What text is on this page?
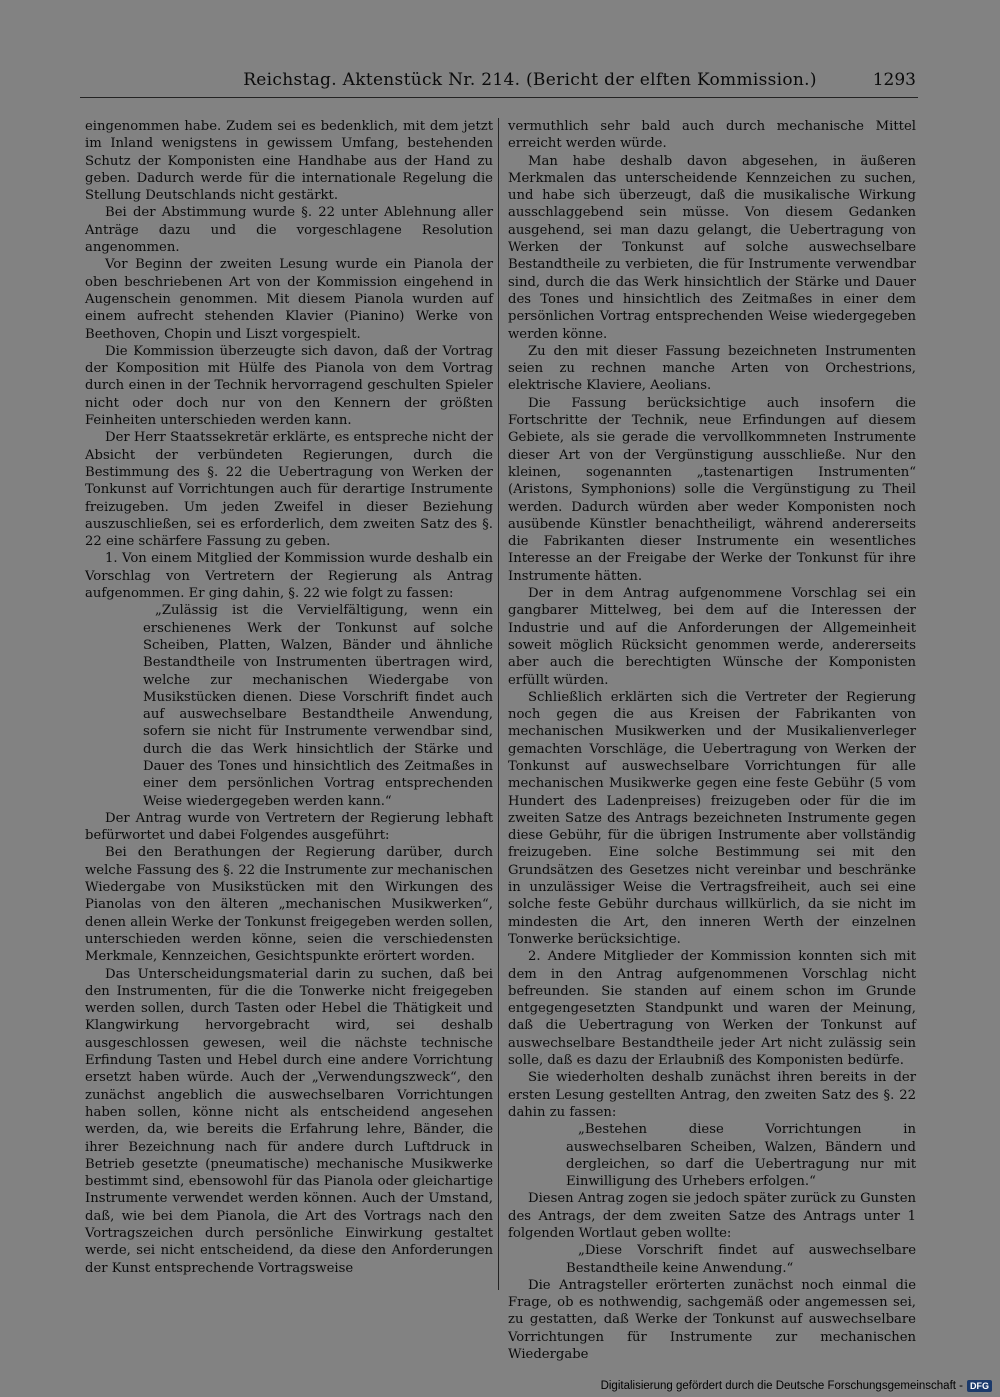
Reichstag. Aktenstück Nr. 214. (Bericht der elften Kommission.)	1293

eingenommen habe. Zudem sei es bedenklich, mit dem jetzt im Inland wenigstens in gewissem Umfang, bestehenden Schutz der Komponisten eine Handhabe aus der Hand zu geben. Dadurch werde für die internationale Regelung die Stellung Deutschlands nicht gestärkt.

Bei der Abstimmung wurde §. 22 unter Ablehnung aller Anträge dazu und die vorgeschlagene Resolution angenommen.

Vor Beginn der zweiten Lesung wurde ein Pianola der oben beschriebenen Art von der Kommission eingehend in Augenschein genommen. Mit diesem Pianola wurden auf einem aufrecht stehenden Klavier (Pianino) Werke von Beethoven, Chopin und Liszt vorgespielt.

Die Kommission überzeugte sich davon, daß der Vortrag der Komposition mit Hülfe des Pianola von dem Vortrag durch einen in der Technik hervorragend geschulten Spieler nicht oder doch nur von den Kennern der größten Feinheiten unterschieden werden kann.

Der Herr Staatssekretär erklärte, es entspreche nicht der Absicht der verbündeten Regierungen, durch die Bestimmung des §. 22 die Uebertragung von Werken der Tonkunst auf Vorrichtungen auch für derartige Instrumente freizugeben. Um jeden Zweifel in dieser Beziehung auszuschließen, sei es erforderlich, dem zweiten Satz des §. 22 eine schärfere Fassung zu geben.

1. Von einem Mitglied der Kommission wurde deshalb ein Vorschlag von Vertretern der Regierung als Antrag aufgenommen. Er ging dahin, §. 22 wie folgt zu fassen:

„Zulässig ist die Vervielfältigung, wenn ein erschienenes Werk der Tonkunst auf solche Scheiben, Platten, Walzen, Bänder und ähnliche Bestandtheile von Instrumenten übertragen wird, welche zur mechanischen Wiedergabe von Musikstücken dienen. Diese Vorschrift findet auch auf auswechselbare Bestandtheile Anwendung, sofern sie nicht für Instrumente verwendbar sind, durch die das Werk hinsichtlich der Stärke und Dauer des Tones und hinsichtlich des Zeitmaßes in einer dem persönlichen Vortrag entsprechenden Weise wiedergegeben werden kann.“

Der Antrag wurde von Vertretern der Regierung lebhaft befürwortet und dabei Folgendes ausgeführt:

Bei den Berathungen der Regierung darüber, durch welche Fassung des §. 22 die Instrumente zur mechanischen Wiedergabe von Musikstücken mit den Wirkungen des Pianolas von den älteren „mechanischen Musikwerken“, denen allein Werke der Tonkunst freigegeben werden sollen, unterschieden werden könne, seien die verschiedensten Merkmale, Kennzeichen, Gesichtspunkte erörtert worden.

Das Unterscheidungsmaterial darin zu suchen, daß bei den Instrumenten, für die die Tonwerke nicht freigegeben werden sollen, durch Tasten oder Hebel die Thätigkeit und Klangwirkung hervorgebracht wird, sei deshalb ausgeschlossen gewesen, weil die nächste technische Erfindung Tasten und Hebel durch eine andere Vorrichtung ersetzt haben würde. Auch der „Verwendungszweck“, den zunächst angeblich die auswechselbaren Vorrichtungen haben sollen, könne nicht als entscheidend angesehen werden, da, wie bereits die Erfahrung lehre, Bänder, die ihrer Bezeichnung nach für andere durch Luftdruck in Betrieb gesetzte (pneumatische) mechanische Musikwerke bestimmt sind, ebensowohl für das Pianola oder gleichartige Instrumente verwendet werden können. Auch der Umstand, daß, wie bei dem Pianola, die Art des Vortrags nach den Vortragszeichen durch persönliche Einwirkung gestaltet werde, sei nicht entscheidend, da diese den Anforderungen der Kunst entsprechende Vortragsweise

vermuthlich sehr bald auch durch mechanische Mittel erreicht werden würde.

Man habe deshalb davon abgesehen, in äußeren Merkmalen das unterscheidende Kennzeichen zu suchen, und habe sich überzeugt, daß die musikalische Wirkung ausschlaggebend sein müsse. Von diesem Gedanken ausgehend, sei man dazu gelangt, die Uebertragung von Werken der Tonkunst auf solche auswechselbare Bestandtheile zu verbieten, die für Instrumente verwendbar sind, durch die das Werk hinsichtlich der Stärke und Dauer des Tones und hinsichtlich des Zeitmaßes in einer dem persönlichen Vortrag entsprechenden Weise wiedergegeben werden könne.

Zu den mit dieser Fassung bezeichneten Instrumenten seien zu rechnen manche Arten von Orchestrions, elektrische Klaviere, Aeolians.

Die Fassung berücksichtige auch insofern die Fortschritte der Technik, neue Erfindungen auf diesem Gebiete, als sie gerade die vervollkommneten Instrumente dieser Art von der Vergünstigung ausschließe. Nur den kleinen, sogenannten „tastenartigen Instrumenten“ (Aristons, Symphonions) solle die Vergünstigung zu Theil werden. Dadurch würden aber weder Komponisten noch ausübende Künstler benachtheiligt, während andererseits die Fabrikanten dieser Instrumente ein wesentliches Interesse an der Freigabe der Werke der Tonkunst für ihre Instrumente hätten.

Der in dem Antrag aufgenommene Vorschlag sei ein gangbarer Mittelweg, bei dem auf die Interessen der Industrie und auf die Anforderungen der Allgemeinheit soweit möglich Rücksicht genommen werde, andererseits aber auch die berechtigten Wünsche der Komponisten erfüllt würden.

Schließlich erklärten sich die Vertreter der Regierung noch gegen die aus Kreisen der Fabrikanten von mechanischen Musikwerken und der Musikalienverleger gemachten Vorschläge, die Uebertragung von Werken der Tonkunst auf auswechselbare Vorrichtungen für alle mechanischen Musikwerke gegen eine feste Gebühr (5 vom Hundert des Ladenpreises) freizugeben oder für die im zweiten Satze des Antrags bezeichneten Instrumente gegen diese Gebühr, für die übrigen Instrumente aber vollständig freizugeben. Eine solche Bestimmung sei mit den Grundsätzen des Gesetzes nicht vereinbar und beschränke in unzulässiger Weise die Vertragsfreiheit, auch sei eine solche feste Gebühr durchaus willkürlich, da sie nicht im mindesten die Art, den inneren Werth der einzelnen Tonwerke berücksichtige.

2. Andere Mitglieder der Kommission konnten sich mit dem in den Antrag aufgenommenen Vorschlag nicht befreunden. Sie standen auf einem schon im Grunde entgegengesetzten Standpunkt und waren der Meinung, daß die Uebertragung von Werken der Tonkunst auf auswechselbare Bestandtheile jeder Art nicht zulässig sein solle, daß es dazu der Erlaubniß des Komponisten bedürfe.

Sie wiederholten deshalb zunächst ihren bereits in der ersten Lesung gestellten Antrag, den zweiten Satz des §. 22 dahin zu fassen:

„Bestehen diese Vorrichtungen in auswechselbaren Scheiben, Walzen, Bändern und dergleichen, so darf die Uebertragung nur mit Einwilligung des Urhebers erfolgen.“

Diesen Antrag zogen sie jedoch später zurück zu Gunsten des Antrags, der dem zweiten Satze des Antrags unter 1 folgenden Wortlaut geben wollte:

„Diese Vorschrift findet auf auswechselbare Bestandtheile keine Anwendung.“

Die Antragsteller erörterten zunächst noch einmal die Frage, ob es nothwendig, sachgemäß oder angemessen sei, zu gestatten, daß Werke der Tonkunst auf auswechselbare Vorrichtungen für Instrumente zur mechanischen Wiedergabe

Digitalisierung gefördert durch die Deutsche Forschungsgemeinschaft - DFG
